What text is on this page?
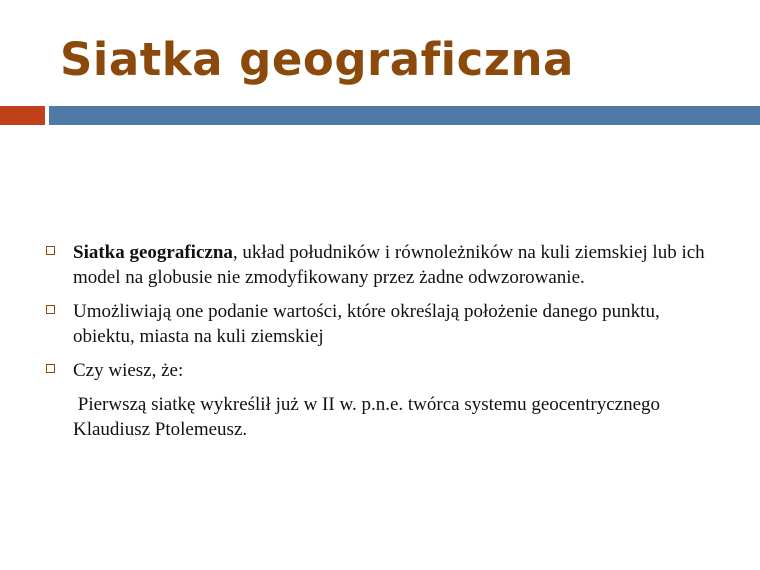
Siatka geograficzna
Siatka geograficzna, układ południków i równoleżników na kuli ziemskiej lub ich model na globusie nie zmodyfikowany przez żadne odwzorowanie.
Umożliwiają one podanie wartości, które określają położenie danego punktu, obiektu, miasta na kuli ziemskiej
Czy wiesz, że:
Pierwszą siatkę wykreślił już w II w. p.n.e. twórca systemu geocentrycznego Klaudiusz Ptolemeusz.
